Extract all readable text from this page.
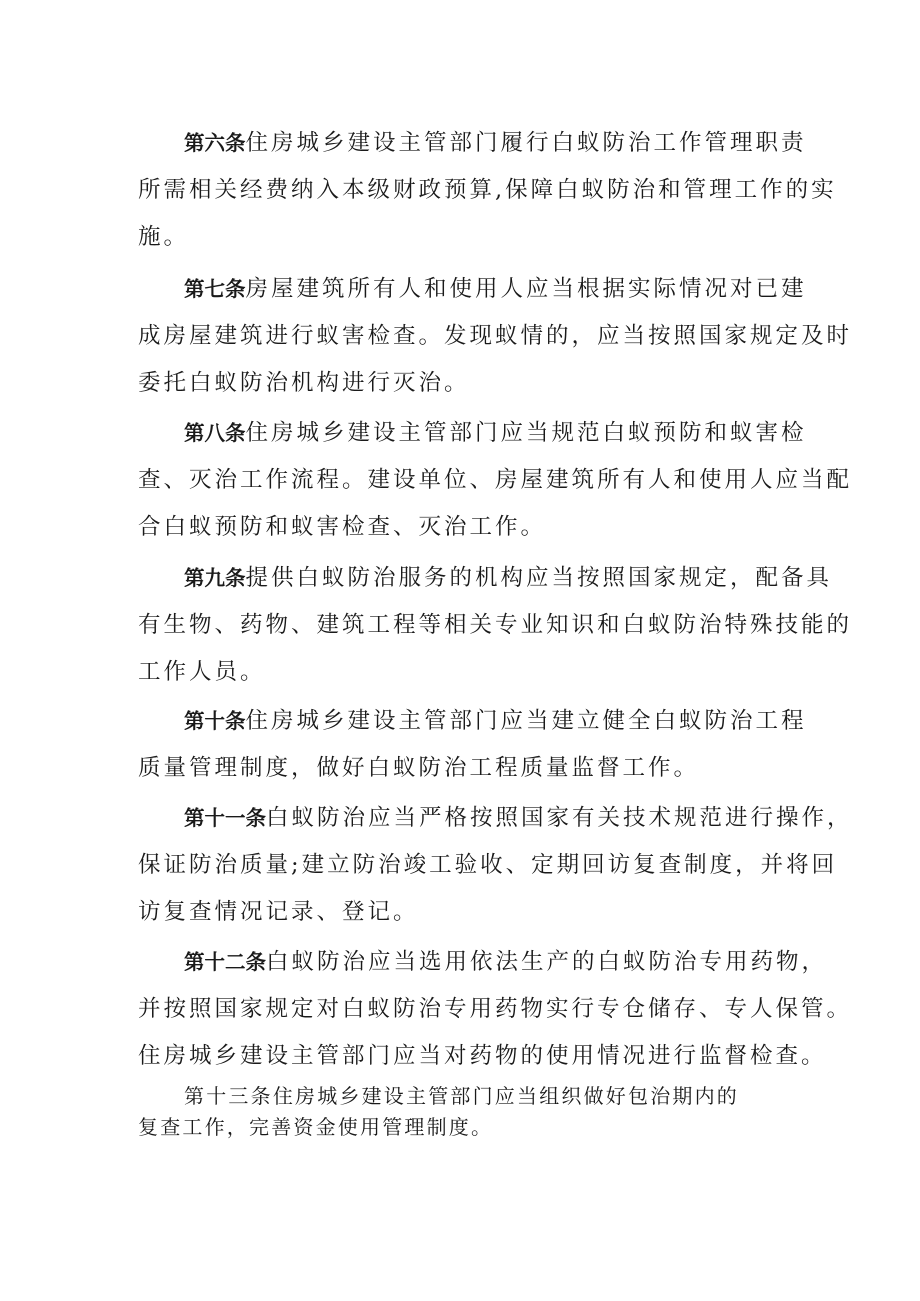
第六条住房城乡建设主管部门履行白蚁防治工作管理职责
所需相关经费纳入本级财政预算,保障白蚁防治和管理工作的实
施。
第七条房屋建筑所有人和使用人应当根据实际情况对已建
成房屋建筑进行蚁害检查。发现蚁情的，应当按照国家规定及时
委托白蚁防治机构进行灭治。
第八条住房城乡建设主管部门应当规范白蚁预防和蚁害检
查、灭治工作流程。建设单位、房屋建筑所有人和使用人应当配
合白蚁预防和蚁害检查、灭治工作。
第九条提供白蚁防治服务的机构应当按照国家规定，配备具
有生物、药物、建筑工程等相关专业知识和白蚁防治特殊技能的
工作人员。
第十条住房城乡建设主管部门应当建立健全白蚁防治工程
质量管理制度，做好白蚁防治工程质量监督工作。
第十一条白蚁防治应当严格按照国家有关技术规范进行操作，
保证防治质量;建立防治竣工验收、定期回访复查制度，并将回
访复查情况记录、登记。
第十二条白蚁防治应当选用依法生产的白蚁防治专用药物，
并按照国家规定对白蚁防治专用药物实行专仓储存、专人保管。
住房城乡建设主管部门应当对药物的使用情况进行监督检查。
第十三条住房城乡建设主管部门应当组织做好包治期内的
复查工作，完善资金使用管理制度。
